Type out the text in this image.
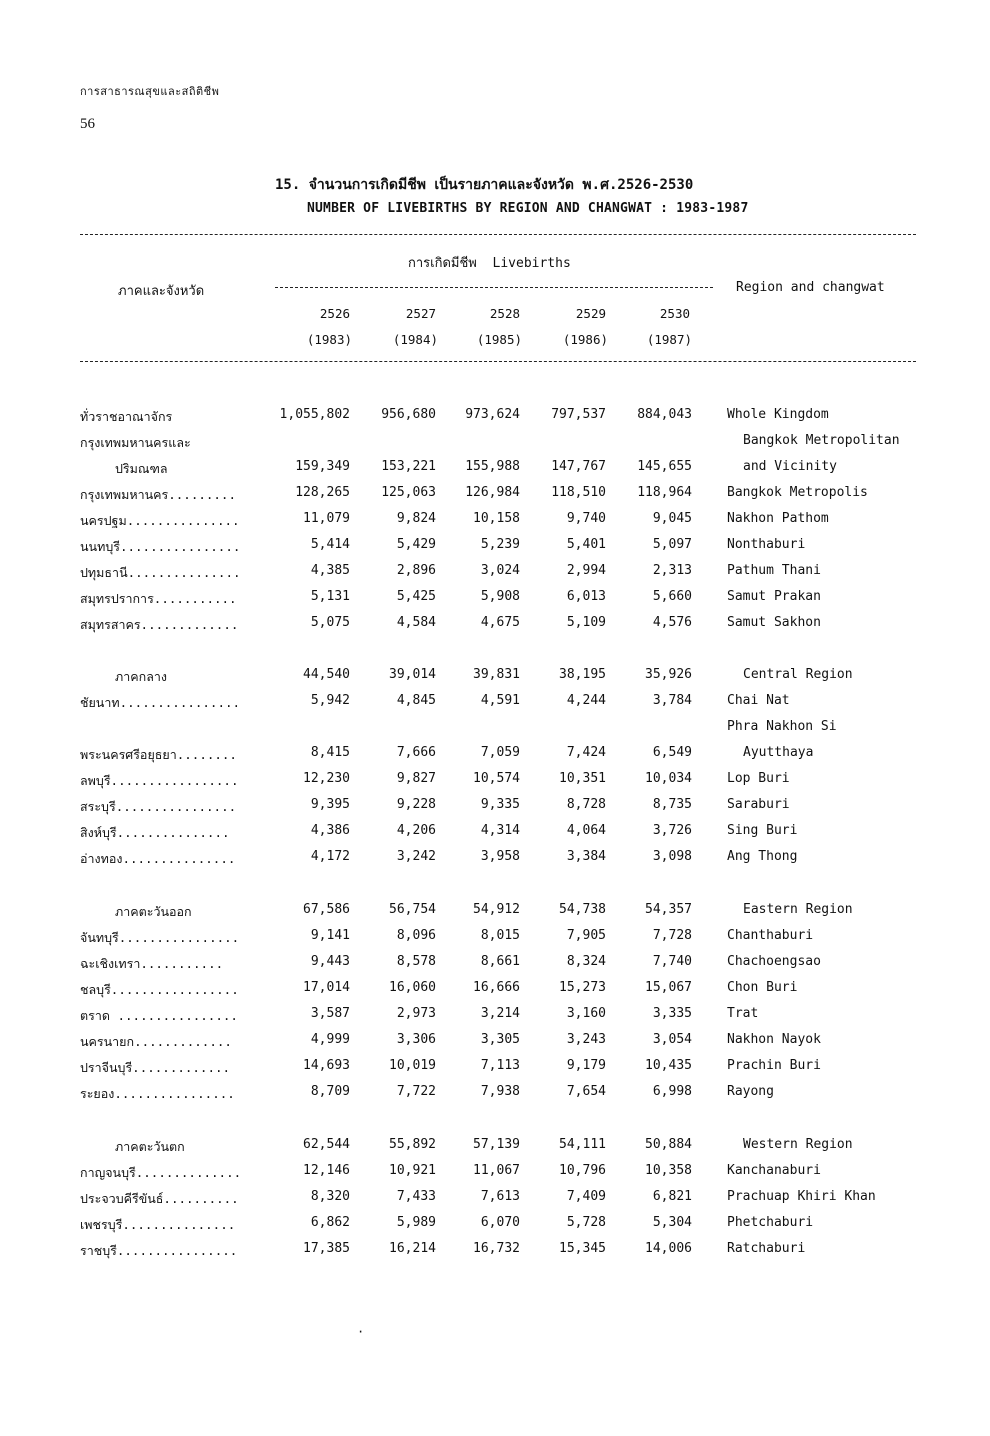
การสาธารณสุขและสถิติชีพ
56
15. จำนวนการเกิดมีชีพ เป็นรายภาคและจังหวัด พ.ศ.2526-2530
NUMBER OF LIVEBIRTHS BY REGION AND CHANGWAT : 1983-1987
การเกิดมีชีพ  Livebirths
ภาคและจังหวัด	Region and changwat
2526	2527	2528	2529	2530
(1983)	(1984)	(1985)	(1986)	(1987)
ทั่วราชอาณาจักร	1,055,802	956,680	973,624	797,537	884,043	Whole Kingdom
กรุงเทพมหานครและ	Bangkok Metropolitan
ปริมณฑล	159,349	153,221	155,988	147,767	145,655	and Vicinity
กรุงเทพมหานคร.........	128,265	125,063	126,984	118,510	118,964	Bangkok Metropolis
นครปฐม...............	11,079	9,824	10,158	9,740	9,045	Nakhon Pathom
นนทบุรี................	5,414	5,429	5,239	5,401	5,097	Nonthaburi
ปทุมธานี...............	4,385	2,896	3,024	2,994	2,313	Pathum Thani
สมุทรปราการ...........	5,131	5,425	5,908	6,013	5,660	Samut Prakan
สมุทรสาคร.............	5,075	4,584	4,675	5,109	4,576	Samut Sakhon
ภาคกลาง	44,540	39,014	39,831	38,195	35,926	Central Region
ชัยนาท................	5,942	4,845	4,591	4,244	3,784	Chai Nat
Phra Nakhon Si
พระนครศรีอยุธยา........	8,415	7,666	7,059	7,424	6,549	Ayutthaya
ลพบุรี.................	12,230	9,827	10,574	10,351	10,034	Lop Buri
สระบุรี................	9,395	9,228	9,335	8,728	8,735	Saraburi
สิงห์บุรี...............	4,386	4,206	4,314	4,064	3,726	Sing Buri
อ่างทอง...............	4,172	3,242	3,958	3,384	3,098	Ang Thong
ภาคตะวันออก	67,586	56,754	54,912	54,738	54,357	Eastern Region
จันทบุรี................	9,141	8,096	8,015	7,905	7,728	Chanthaburi
ฉะเชิงเทรา...........	9,443	8,578	8,661	8,324	7,740	Chachoengsao
ชลบุรี.................	17,014	16,060	16,666	15,273	15,067	Chon Buri
ตราด ................	3,587	2,973	3,214	3,160	3,335	Trat
นครนายก.............	4,999	3,306	3,305	3,243	3,054	Nakhon Nayok
ปราจีนบุรี.............	14,693	10,019	7,113	9,179	10,435	Prachin Buri
ระยอง................	8,709	7,722	7,938	7,654	6,998	Rayong
ภาคตะวันตก	62,544	55,892	57,139	54,111	50,884	Western Region
กาญจนบุรี..............	12,146	10,921	11,067	10,796	10,358	Kanchanaburi
ประจวบคีรีขันธ์..........	8,320	7,433	7,613	7,409	6,821	Prachuap Khiri Khan
เพชรบุรี...............	6,862	5,989	6,070	5,728	5,304	Phetchaburi
ราชบุรี................	17,385	16,214	16,732	15,345	14,006	Ratchaburi
·
